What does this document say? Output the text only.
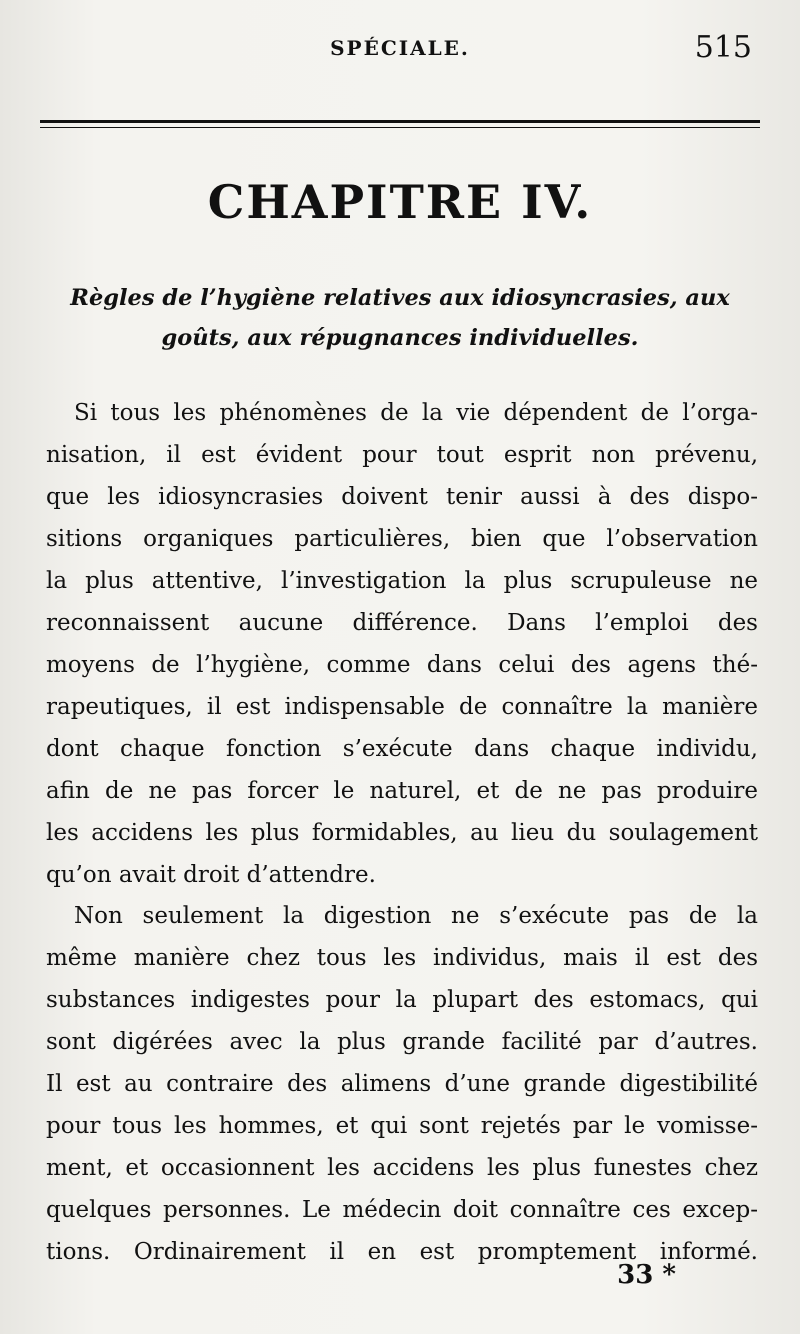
SPÉCIALE.	515
CHAPITRE IV.
Règles de l’hygiène relatives aux idiosyncrasies, aux
goûts, aux répugnances individuelles.
Si tous les phénomènes de la vie dépendent de l’orga-
nisation, il est évident pour tout esprit non prévenu,
que les idiosyncrasies doivent tenir aussi à des dispo-
sitions organiques particulières, bien que l’observation
la plus attentive, l’investigation la plus scrupuleuse ne
reconnaissent aucune différence. Dans l’emploi des
moyens de l’hygiène, comme dans celui des agens thé-
rapeutiques, il est indispensable de connaître la manière
dont chaque fonction s’exécute dans chaque individu,
afin de ne pas forcer le naturel, et de ne pas produire
les accidens les plus formidables, au lieu du soulagement
qu’on avait droit d’attendre.
Non seulement la digestion ne s’exécute pas de la
même manière chez tous les individus, mais il est des
substances indigestes pour la plupart des estomacs, qui
sont digérées avec la plus grande facilité par d’autres.
Il est au contraire des alimens d’une grande digestibilité
pour tous les hommes, et qui sont rejetés par le vomisse-
ment, et occasionnent les accidens les plus funestes chez
quelques personnes. Le médecin doit connaître ces excep-
tions. Ordinairement il en est promptement informé.
33 *
